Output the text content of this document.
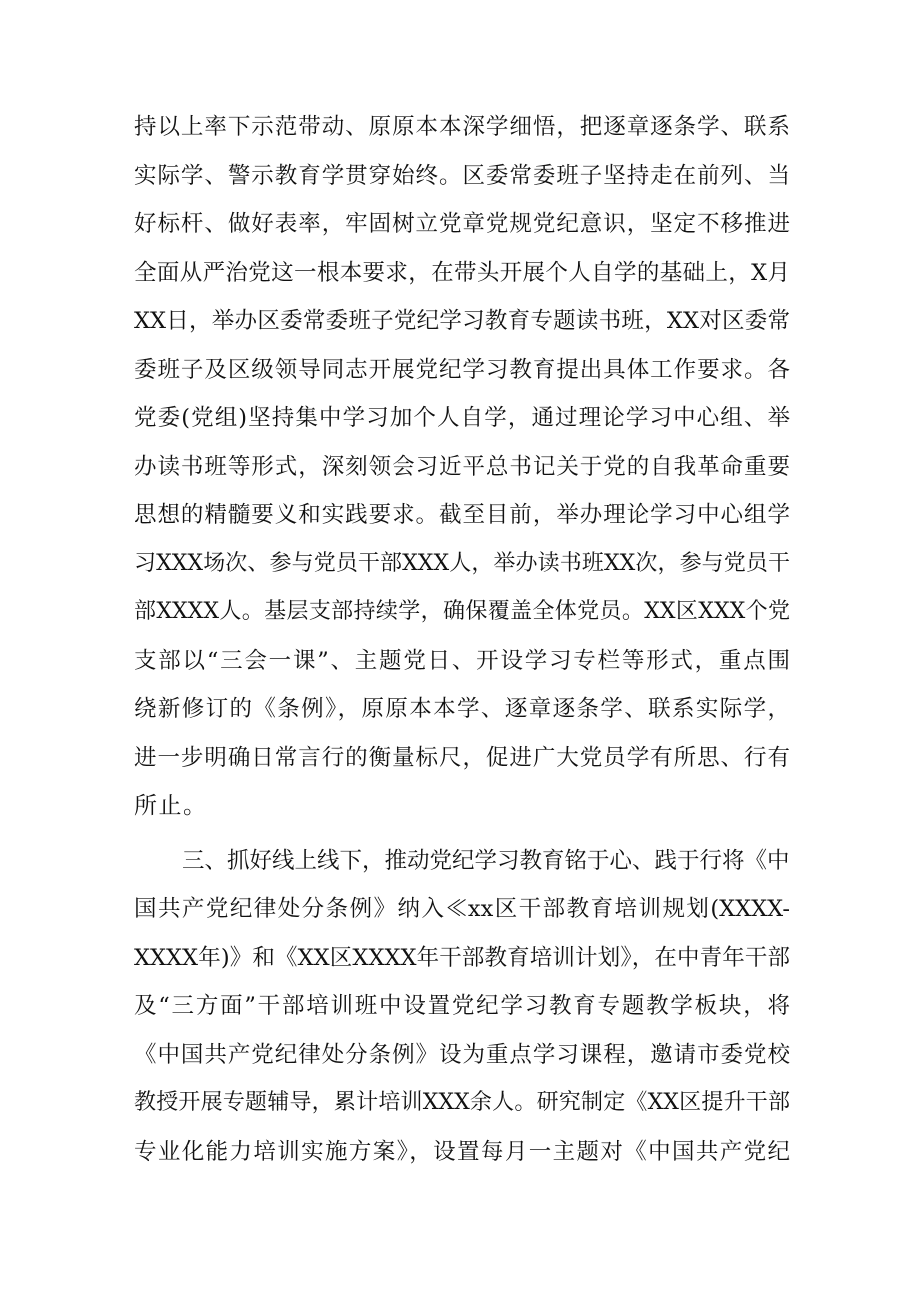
持以上率下示范带动、原原本本深学细悟，把逐章逐条学、联系
实际学、警示教育学贯穿始终。区委常委班子坚持走在前列、当
好标杆、做好表率，牢固树立党章党规党纪意识，坚定不移推进
全面从严治党这一根本要求，在带头开展个人自学的基础上，X月
XX日，举办区委常委班子党纪学习教育专题读书班，XX对区委常
委班子及区级领导同志开展党纪学习教育提出具体工作要求。各
党委(党组)坚持集中学习加个人自学，通过理论学习中心组、举
办读书班等形式，深刻领会习近平总书记关于党的自我革命重要
思想的精髓要义和实践要求。截至目前，举办理论学习中心组学
习XXX场次、参与党员干部XXX人，举办读书班XX次，参与党员干
部XXXX人。基层支部持续学，确保覆盖全体党员。XX区XXX个党
支部以“三会一课”、主题党日、开设学习专栏等形式，重点围
绕新修订的《条例》，原原本本学、逐章逐条学、联系实际学，
进一步明确日常言行的衡量标尺，促进广大党员学有所思、行有
所止。
三、抓好线上线下，推动党纪学习教育铭于心、践于行将《中
国共产党纪律处分条例》纳入≪xx区干部教育培训规划(XXXX-
XXXX年)》和《XX区XXXX年干部教育培训计划》，在中青年干部
及“三方面”干部培训班中设置党纪学习教育专题教学板块，将
《中国共产党纪律处分条例》设为重点学习课程，邀请市委党校
教授开展专题辅导，累计培训XXX余人。研究制定《XX区提升干部
专业化能力培训实施方案》，设置每月一主题对《中国共产党纪
